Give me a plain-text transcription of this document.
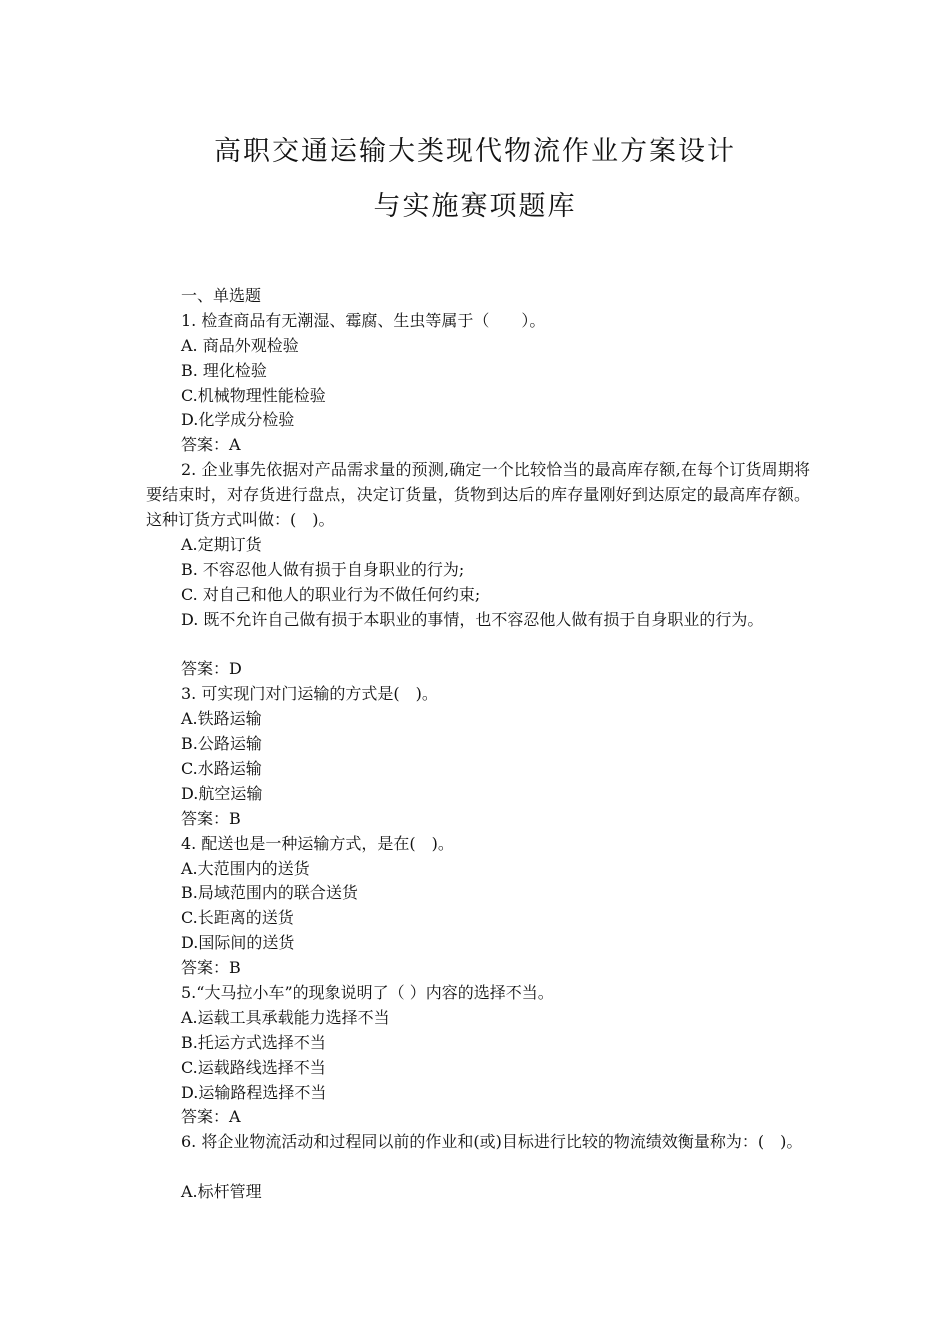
高职交通运输大类现代物流作业方案设计
与实施赛项题库
一、单选题
1. 检查商品有无潮湿、霉腐、生虫等属于（　　）。
A. 商品外观检验
B. 理化检验
C.机械物理性能检验
D.化学成分检验
答案：A
2. 企业事先依据对产品需求量的预测,确定一个比较恰当的最高库存额,在每个订货周期将要结束时，对存货进行盘点，决定订货量，货物到达后的库存量刚好到达原定的最高库存额。这种订货方式叫做：(　)。
A.定期订货
B. 不容忍他人做有损于自身职业的行为;
C. 对自己和他人的职业行为不做任何约束;
D. 既不允许自己做有损于本职业的事情，也不容忍他人做有损于自身职业的行为。
答案：D
3. 可实现门对门运输的方式是(　)。
A.铁路运输
B.公路运输
C.水路运输
D.航空运输
答案：B
4. 配送也是一种运输方式，是在(　)。
A.大范围内的送货
B.局域范围内的联合送货
C.长距离的送货
D.国际间的送货
答案：B
5.“大马拉小车”的现象说明了（ ）内容的选择不当。
A.运载工具承载能力选择不当
B.托运方式选择不当
C.运载路线选择不当
D.运输路程选择不当
答案：A
6. 将企业物流活动和过程同以前的作业和(或)目标进行比较的物流绩效衡量称为：(　)。
A.标杆管理
